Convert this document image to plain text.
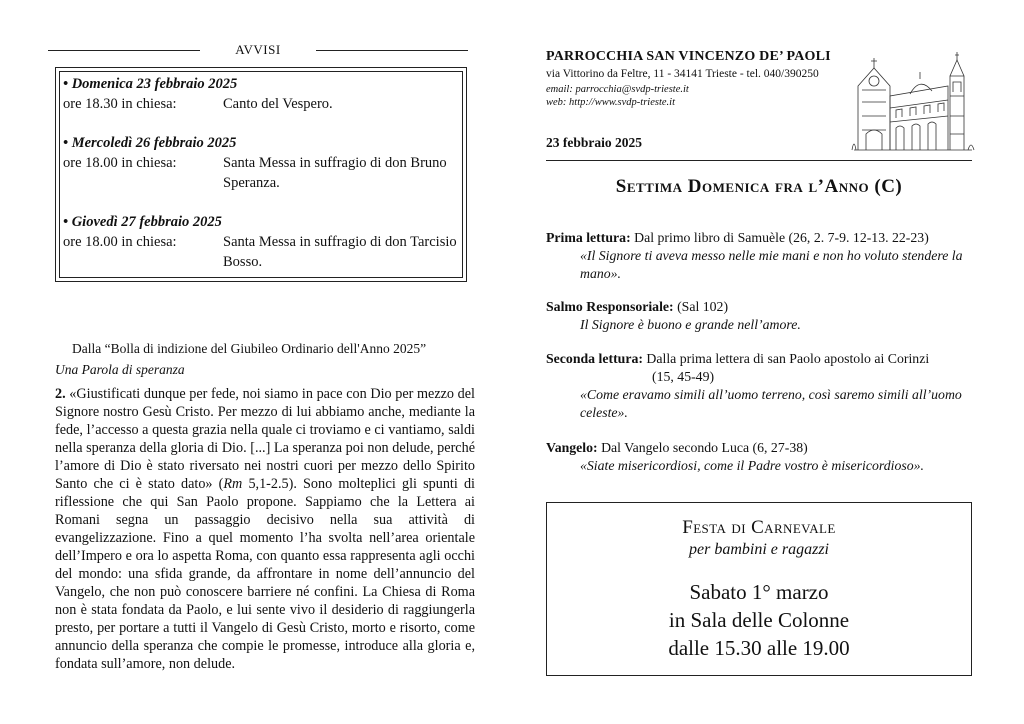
AVVISI
• Domenica 23 febbraio 2025
ore 18.30 in chiesa:	Canto del Vespero.
• Mercoledì 26 febbraio 2025
ore 18.00 in chiesa:	Santa Messa in suffragio di don Bruno Speranza.
• Giovedì 27 febbraio 2025
ore 18.00 in chiesa:	Santa Messa in suffragio di don Tarcisio Bosso.
Dalla “Bolla di indizione del Giubileo Ordinario dell'Anno 2025”
Una Parola di speranza
2. «Giustificati dunque per fede, noi siamo in pace con Dio per mezzo del Signore nostro Gesù Cristo. Per mezzo di lui abbiamo anche, mediante la fede, l’accesso a questa grazia nella quale ci troviamo e ci vantiamo, saldi nella speranza della gloria di Dio. [...] La speranza poi non delude, perché l’amore di Dio è stato riversato nei nostri cuori per mezzo dello Spirito Santo che ci è stato dato» (Rm 5,1-2.5). Sono molteplici gli spunti di riflessione che qui San Paolo propone. Sappiamo che la Lettera ai Romani segna un passaggio decisivo nella sua attività di evangelizzazione. Fino a quel momento l’ha svolta nell’area orientale dell’Impero e ora lo aspetta Roma, con quanto essa rappresenta agli occhi del mondo: una sfida grande, da affrontare in nome dell’annuncio del Vangelo, che non può conoscere barriere né confini. La Chiesa di Roma non è stata fondata da Paolo, e lui sente vivo il desiderio di raggiungerla presto, per portare a tutti il Vangelo di Gesù Cristo, morto e risorto, come annuncio della speranza che compie le promesse, introduce alla gloria e, fondata sull’amore, non delude.
PARROCCHIA SAN VINCENZO DE’ PAOLI
via Vittorino da Feltre, 11 - 34141 Trieste - tel. 040/390250
email: parrocchia@svdp-trieste.it
web: http://www.svdp-trieste.it
23 febbraio 2025
Settima Domenica fra l’Anno (C)
Prima lettura: Dal primo libro di Samuèle (26, 2. 7-9. 12-13. 22-23)
«Il Signore ti aveva messo nelle mie mani e non ho voluto stendere la mano».
Salmo Responsoriale: (Sal 102)
Il Signore è buono e grande nell’amore.
Seconda lettura: Dalla prima lettera di san Paolo apostolo ai Corinzi
(15, 45-49)
«Come eravamo simili all’uomo terreno, così saremo simili all’uomo celeste».
Vangelo: Dal Vangelo secondo Luca (6, 27-38)
«Siate misericordiosi, come il Padre vostro è misericordioso».
Festa di Carnevale
per bambini e ragazzi
Sabato 1° marzo
in Sala delle Colonne
dalle 15.30 alle 19.00
